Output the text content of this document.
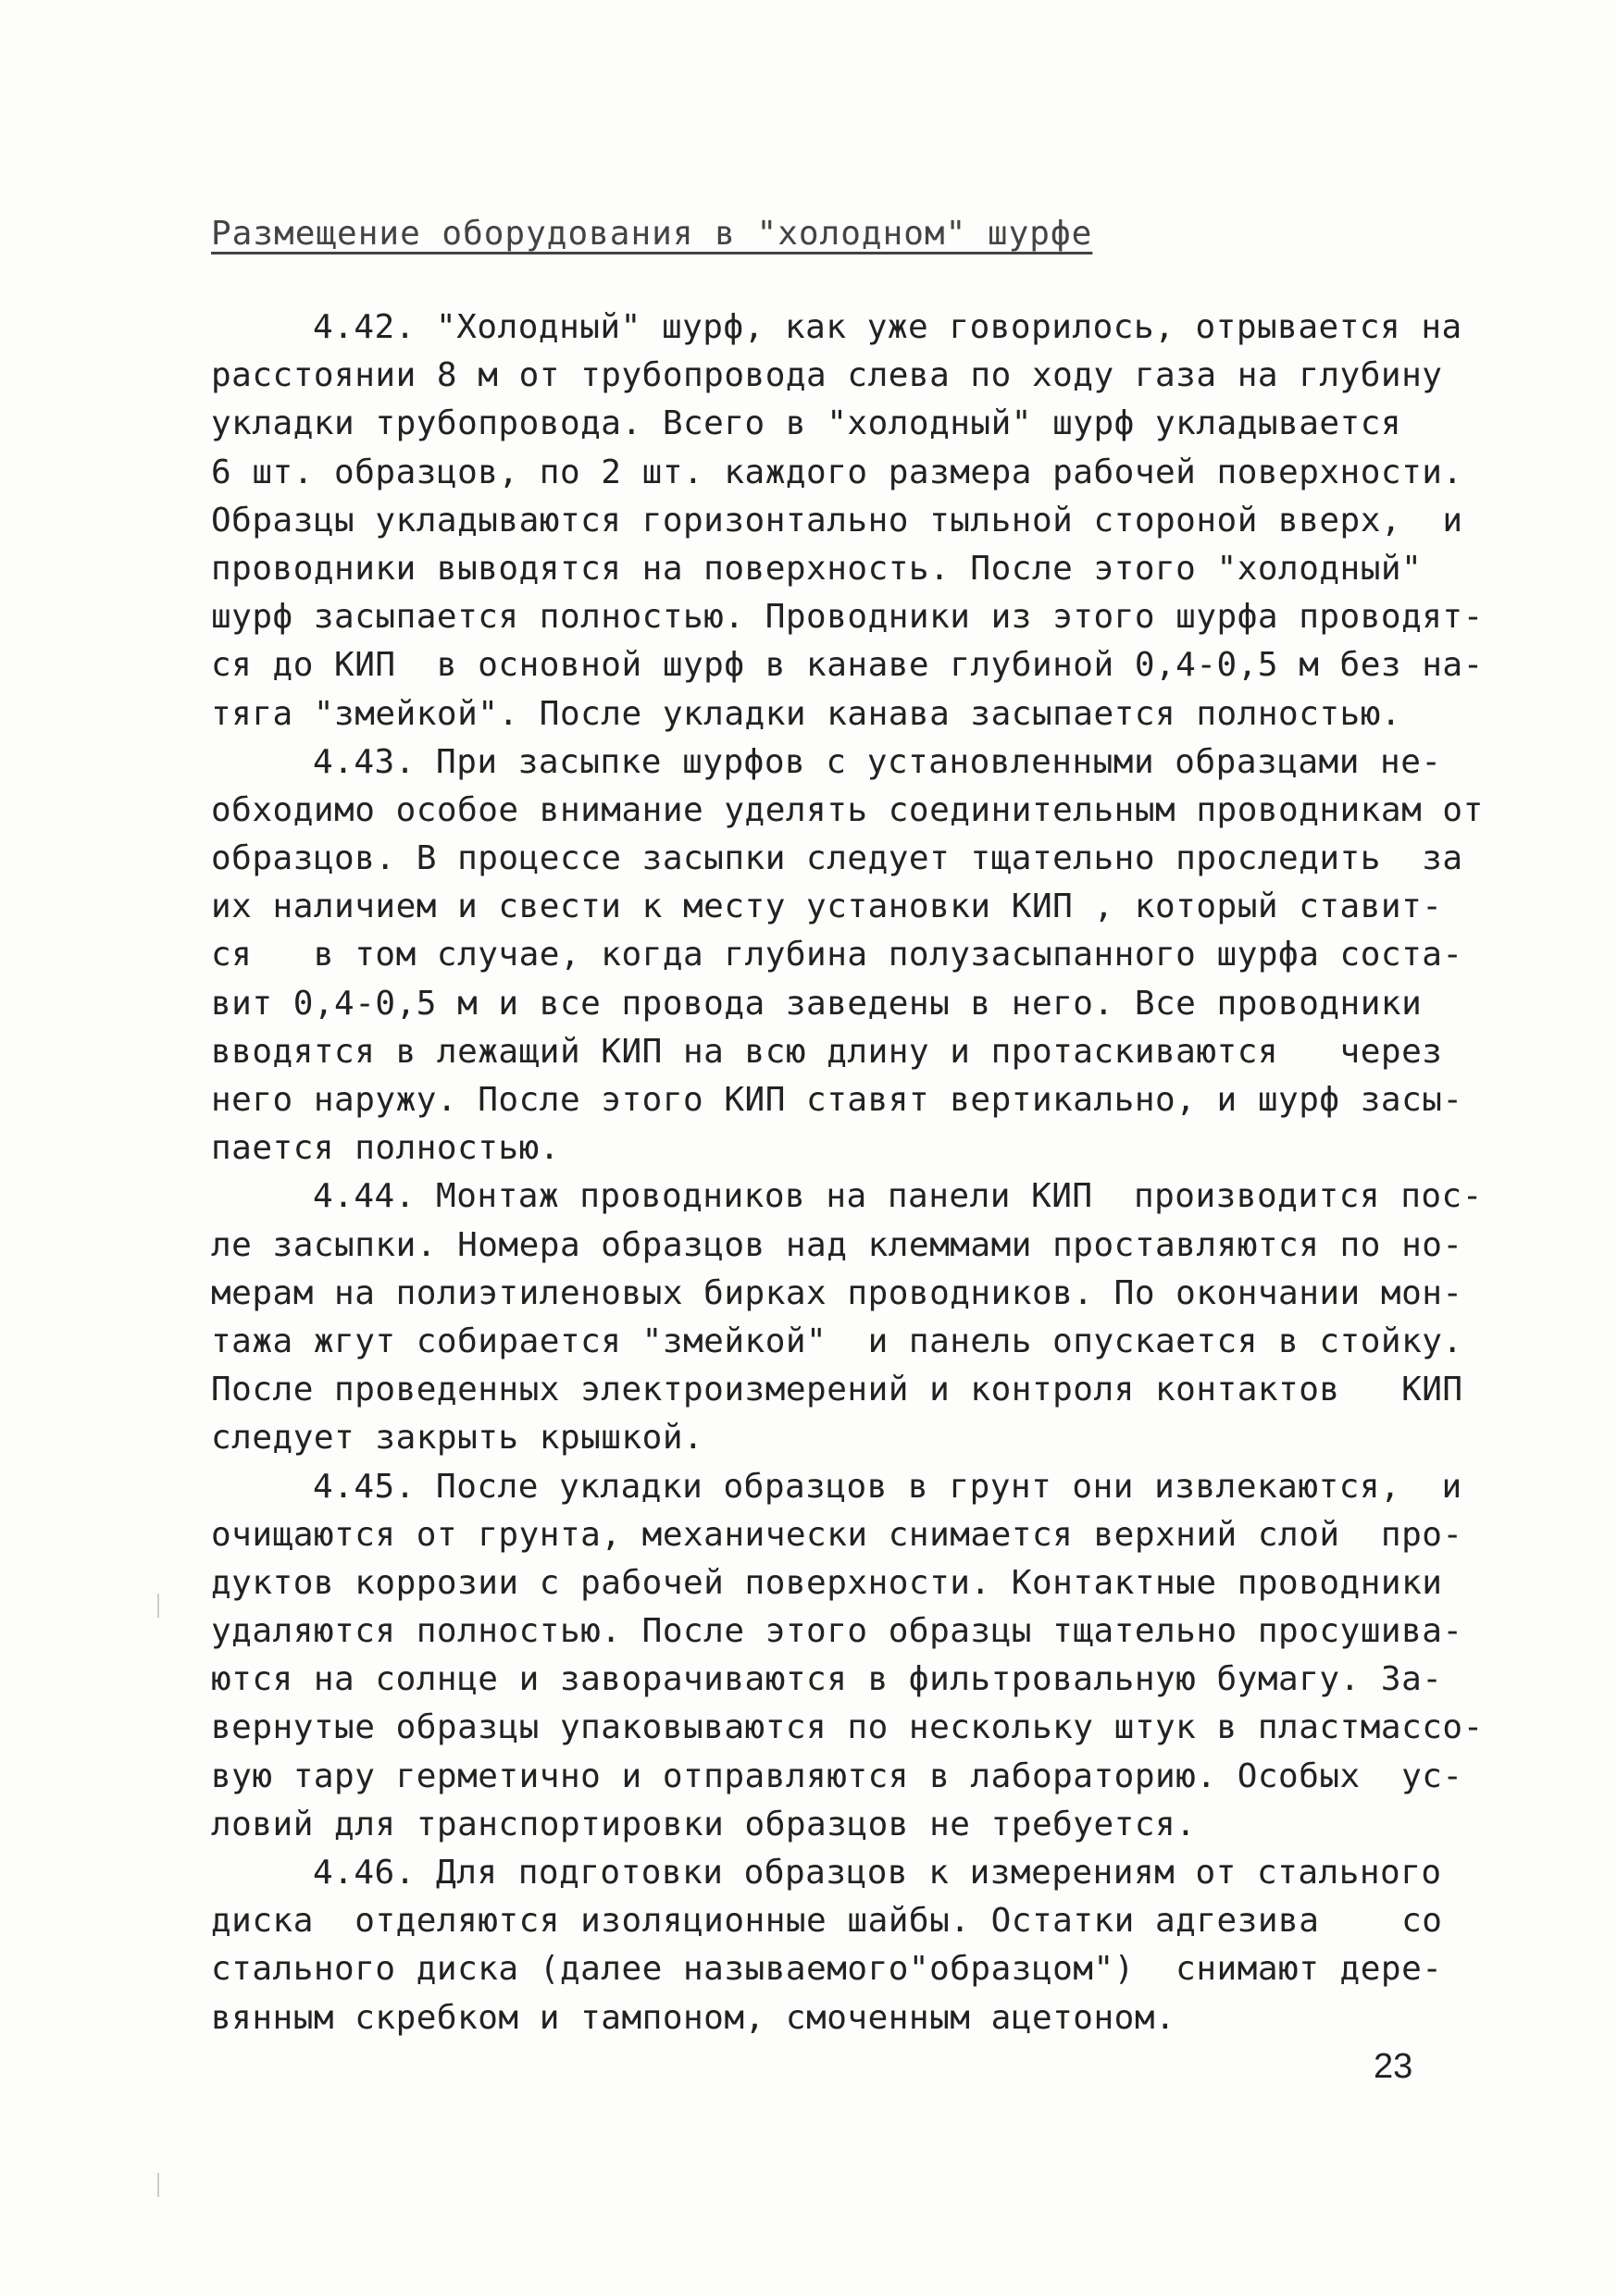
Размещение оборудования в "холодном" шурфе
4.42. "Холодный" шурф, как уже говорилось, отрывается на
расстоянии 8 м от трубопровода слева по ходу газа на глубину
укладки трубопровода. Всего в "холодный" шурф укладывается
6 шт. образцов, по 2 шт. каждого размера рабочей поверхности.
Образцы укладываются горизонтально тыльной стороной вверх,  и
проводники выводятся на поверхность. После этого "холодный"
шурф засыпается полностью. Проводники из этого шурфа проводят-
ся до КИП  в основной шурф в канаве глубиной 0,4-0,5 м без на-
тяга "змейкой". После укладки канава засыпается полностью.
4.43. При засыпке шурфов с установленными образцами не-
обходимо особое внимание уделять соединительным проводникам от
образцов. В процессе засыпки следует тщательно проследить  за
их наличием и свести к месту установки КИП , который ставит-
ся   в том случае, когда глубина полузасыпанного шурфа соста-
вит 0,4-0,5 м и все провода заведены в него. Все проводники
вводятся в лежащий КИП на всю длину и протаскиваются   через
него наружу. После этого КИП ставят вертикально, и шурф засы-
пается полностью.
4.44. Монтаж проводников на панели КИП  производится пос-
ле засыпки. Номера образцов над клеммами проставляются по но-
мерам на полиэтиленовых бирках проводников. По окончании мон-
тажа жгут собирается "змейкой"  и панель опускается в стойку.
После проведенных электроизмерений и контроля контактов   КИП
следует закрыть крышкой.
4.45. После укладки образцов в грунт они извлекаются,  и
очищаются от грунта, механически снимается верхний слой  про-
дуктов коррозии с рабочей поверхности. Контактные проводники
удаляются полностью. После этого образцы тщательно просушива-
ются на солнце и заворачиваются в фильтровальную бумагу. За-
вернутые образцы упаковываются по нескольку штук в пластмассо-
вую тару герметично и отправляются в лабораторию. Особых  ус-
ловий для транспортировки образцов не требуется.
4.46. Для подготовки образцов к измерениям от стального
диска  отделяются изоляционные шайбы. Остатки адгезива    со
стального диска (далее называемого"образцом")  снимают дере-
вянным скребком и тампоном, смоченным ацетоном.
23
